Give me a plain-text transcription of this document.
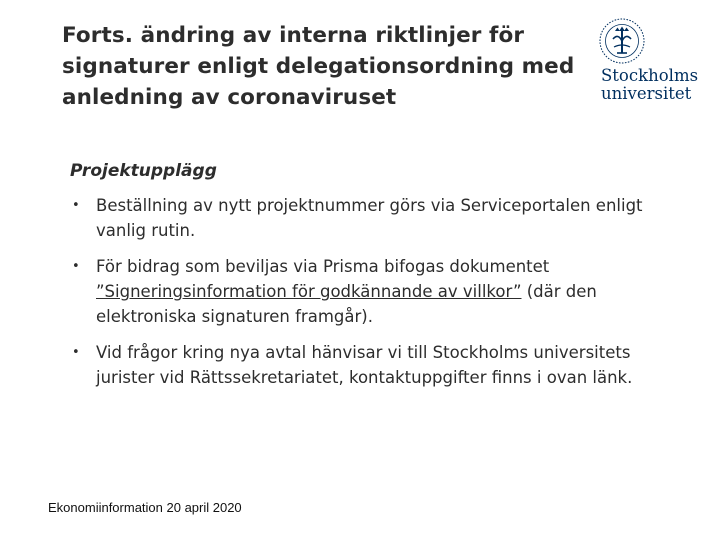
Forts. ändring av interna riktlinjer för signaturer enligt delegationsordning med anledning av coronaviruset
Stockholms
universitet
Projektupplägg
• Beställning av nytt projektnummer görs via Serviceportalen enligt vanlig rutin.
• För bidrag som beviljas via Prisma bifogas dokumentet ”Signeringsinformation för godkännande av villkor” (där den elektroniska signaturen framgår).
• Vid frågor kring nya avtal hänvisar vi till Stockholms universitets jurister vid Rättssekretariatet, kontaktuppgifter finns i ovan länk.
Ekonomiinformation 20 april 2020
